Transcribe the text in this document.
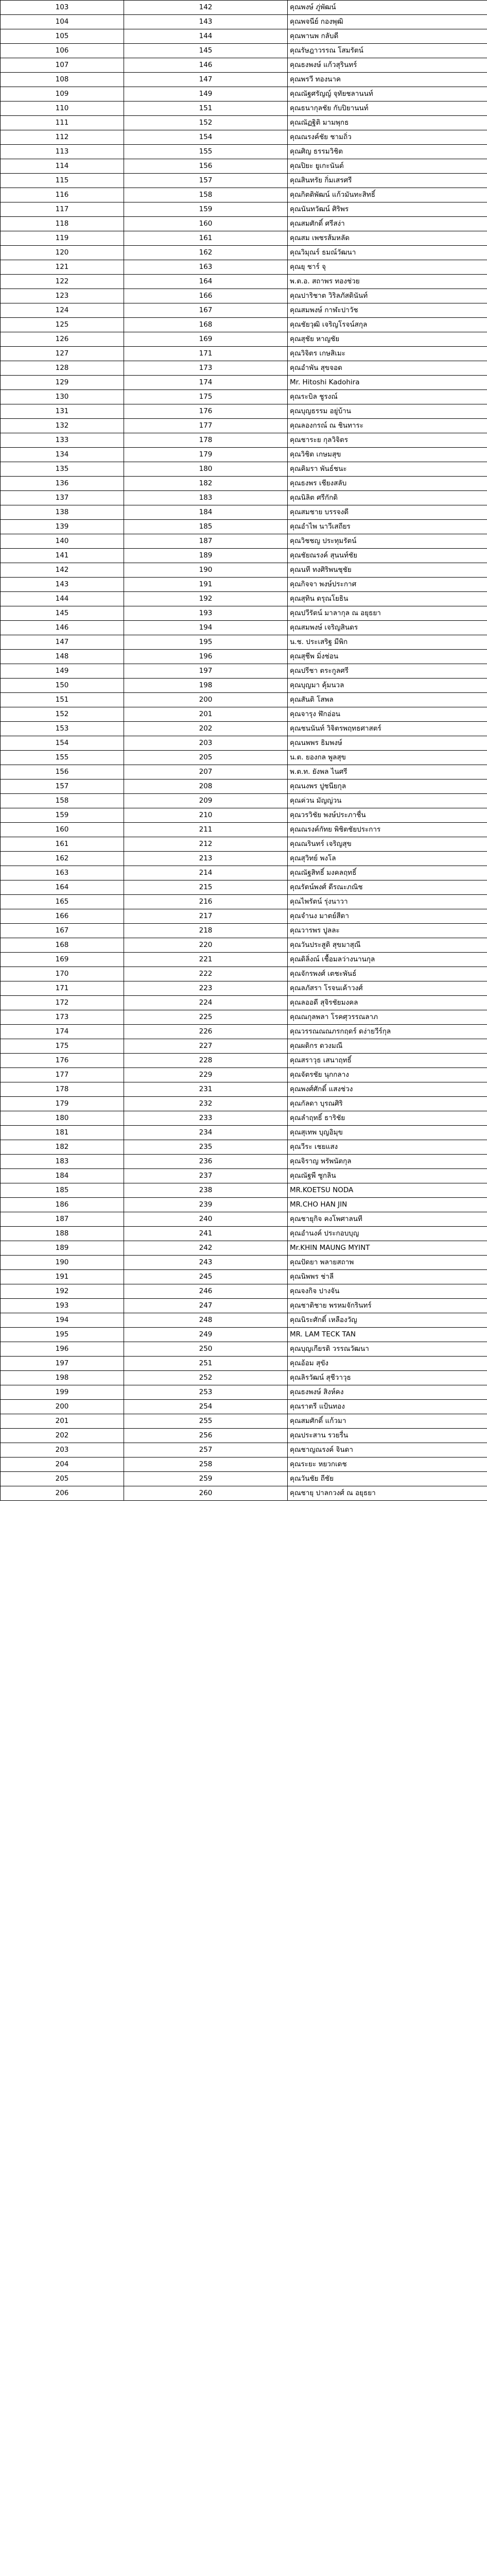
103	142	คุณพงษ์ ภู่พัฒน์
104	143	คุณพจนีย์ กองพุฒิ
105	144	คุณพานพ กลับดี
106	145	คุณรัษฎาวรรณ โสมรัตน์
107	146	คุณธงพงษ์ แก้วสุรินทร์
108	147	คุณพรวี ทองนาค
109	149	คุณณัฐศรัญญ์ จุทัยชลานนท์
110	151	คุณธนากุลชัย กับปิยานนท์
111	152	คุณณัฏฐิติ มามพุกธ
112	154	คุณณรงค์ชัย ชามถิ่ว
113	155	คุณศิญ ธรรมวิชิต
114	156	คุณปิยะ ยูเกะนันต์
115	157	คุณสินทรัย กิ่มเสรศรี
116	158	คุณกิตติพัฒน์ แก้วมันทะสิทธิ์
117	159	คุณนันทวัฒน์ ศิริพร
118	160	คุณสมศักดิ์ ศรีสง่า
119	161	คุณสม เพชรส้มหลัด
120	162	คุณวิมุณร์ ธมณ์วัฒนา
121	163	คุณยุ ชาร์ จุ
122	164	พ.ต.อ. สถาพร ทองช่วย
123	166	คุณปาริชาต วิริลภัสดินันท์
124	167	คุณสมพงษ์ กาฬะปาวัช
125	168	คุณชัยวุฒิ เจริญโรจน์สกุล
126	169	คุณสุชัย หาญชัย
127	171	คุณวิจิตร เกษสิเมะ
128	173	คุณอำพัน สุขจอด
129	174	Mr. Hitoshi Kadohira
130	175	คุณระบิล ชูรงณ์
131	176	คุณบุญธรรม อยู่บ้าน
132	177	คุณลองกรณ์ ณ ชินทาระ
133	178	คุณชาระย กุลวิจิตร
134	179	คุณวิชิต เกษมสุข
135	180	คุณคิมรา พันธ์ชนะ
136	182	คุณธงพร เชียงสลับ
137	183	คุณนิลิต ศรีกักดิ
138	184	คุณสมชาย บรรจงดี
139	185	คุณอำไพ นาวีเสถียร
140	187	คุณวิชชญ ประทุมรัตน์
141	189	คุณชัยณรงค์ สุนนท์ชัย
142	190	คุณนที ทงศิริพนชุชัย
143	191	คุณกิจจา พงษ์ประกาศ
144	192	คุณสุทิน ดรุณโยธิน
145	193	คุณปวีรัตน์ มาลากุล ณ อยุธยา
146	194	คุณสมพงษ์ เจริญสินดร
147	195	น.ช. ประเสริฐ มีพิก
148	196	คุณสุชีพ มิ่งช่อน
149	197	คุณปรีชา ตระกูลศรี
150	198	คุณบุญมา คุ้มนวล
151	200	คุณสันติ โสพล
152	201	คุณจารุง ฬักอ่อน
153	202	คุณชนนันท์ วิจิตรพฤทธศาสตร์
154	203	คุณนพพร ธิมพงษ์
155	205	น.ต. ยองกล พูลสุข
156	207	พ.ต.ท. ยังพล ไนศรี
157	208	คุณนงพร ปูชนียกุล
158	209	คุณค่วน มัญญ่วน
159	210	คุณวรวิชัย พงษ์ประภาชื่น
160	211	คุณณรงค์กัทย พิชิตชัยประการ
161	212	คุณณรินทร์ เจริญสุข
162	213	คุณสุวิทย์ พงโล
163	214	คุณณัฐสิทธิ์ มงคลฤทธิ์
164	215	คุณรัตน์พงศ์ ดีรณะภณิช
165	216	คุณไพรัตน์ รุ่งนาวา
166	217	คุณจำนง มาตย์สีดา
167	218	คุณวารพร ปูลละ
168	220	คุณวันประสูติ สุขมาสุณี
169	221	คุณดิลิ่งณ์ เชื้อมลว่างนานกุล
170	222	คุณจักรพงศ์ เตชะพันธ์
171	223	คุณลภัสรา โรจนเค้าวงศ์
172	224	คุณลออดี สุจิรชัยมงคล
173	225	คุณณกุลพลา โรคศุวรรณลาภ
174	226	คุณวรรณณณภรกฤดร์ ดง่ายวีร์กุล
175	227	คุณผดิกร ดวงมณี
176	228	คุณสราวุธ เสนาฤทธิ์
177	229	คุณจัตรชัย นุกกลาง
178	231	คุณพงศ์ศักดิ์ แสงช่วง
179	232	คุณกัลดา บุรณศิริ
180	233	คุณลำฤทธิ์ ธาริชัย
181	234	คุณสุเทพ บุญอิมุข
182	235	คุณวีระ เชยแสง
183	236	คุณจิราญ พรัพนัตกุล
184	237	คุณณัฐพี ซูกลิน
185	238	MR.KOETSU NODA
186	239	MR.CHO HAN JIN
187	240	คุณชายุกิจ คงโพศาลนที
188	241	คุณอำนงค์ ประกอบบุญ
189	242	Mr.KHIN MAUNG MYINT
190	243	คุณปัดยา พลายสถาพ
191	245	คุณนิพพร ช่าลี
192	246	คุณจงกิจ ปางจัน
193	247	คุณชาติชาย พรหมจักรินทร์
194	248	คุณนิระศักดิ์ เหลืองวัญ
195	249	MR. LAM TECK TAN
196	250	คุณบุญเกียรติ วรรณวัฒนา
197	251	คุณอ้อม สุขัง
198	252	คุณลิรวัฒน์ สุชีวาวุธ
199	253	คุณธงพงษ์ สิงห์คง
200	254	คุณราตรี แป้นทอง
201	255	คุณสมศักดิ์ แก้วมา
202	256	คุณประสาน รวยรื่น
203	257	คุณชาญณรงค์ จินดา
204	258	คุณระยะ หยวกเดช
205	259	คุณวันชัย ถีชัย
206	260	คุณชายุ ปาลกวงศ์ ณ อยุธยา
